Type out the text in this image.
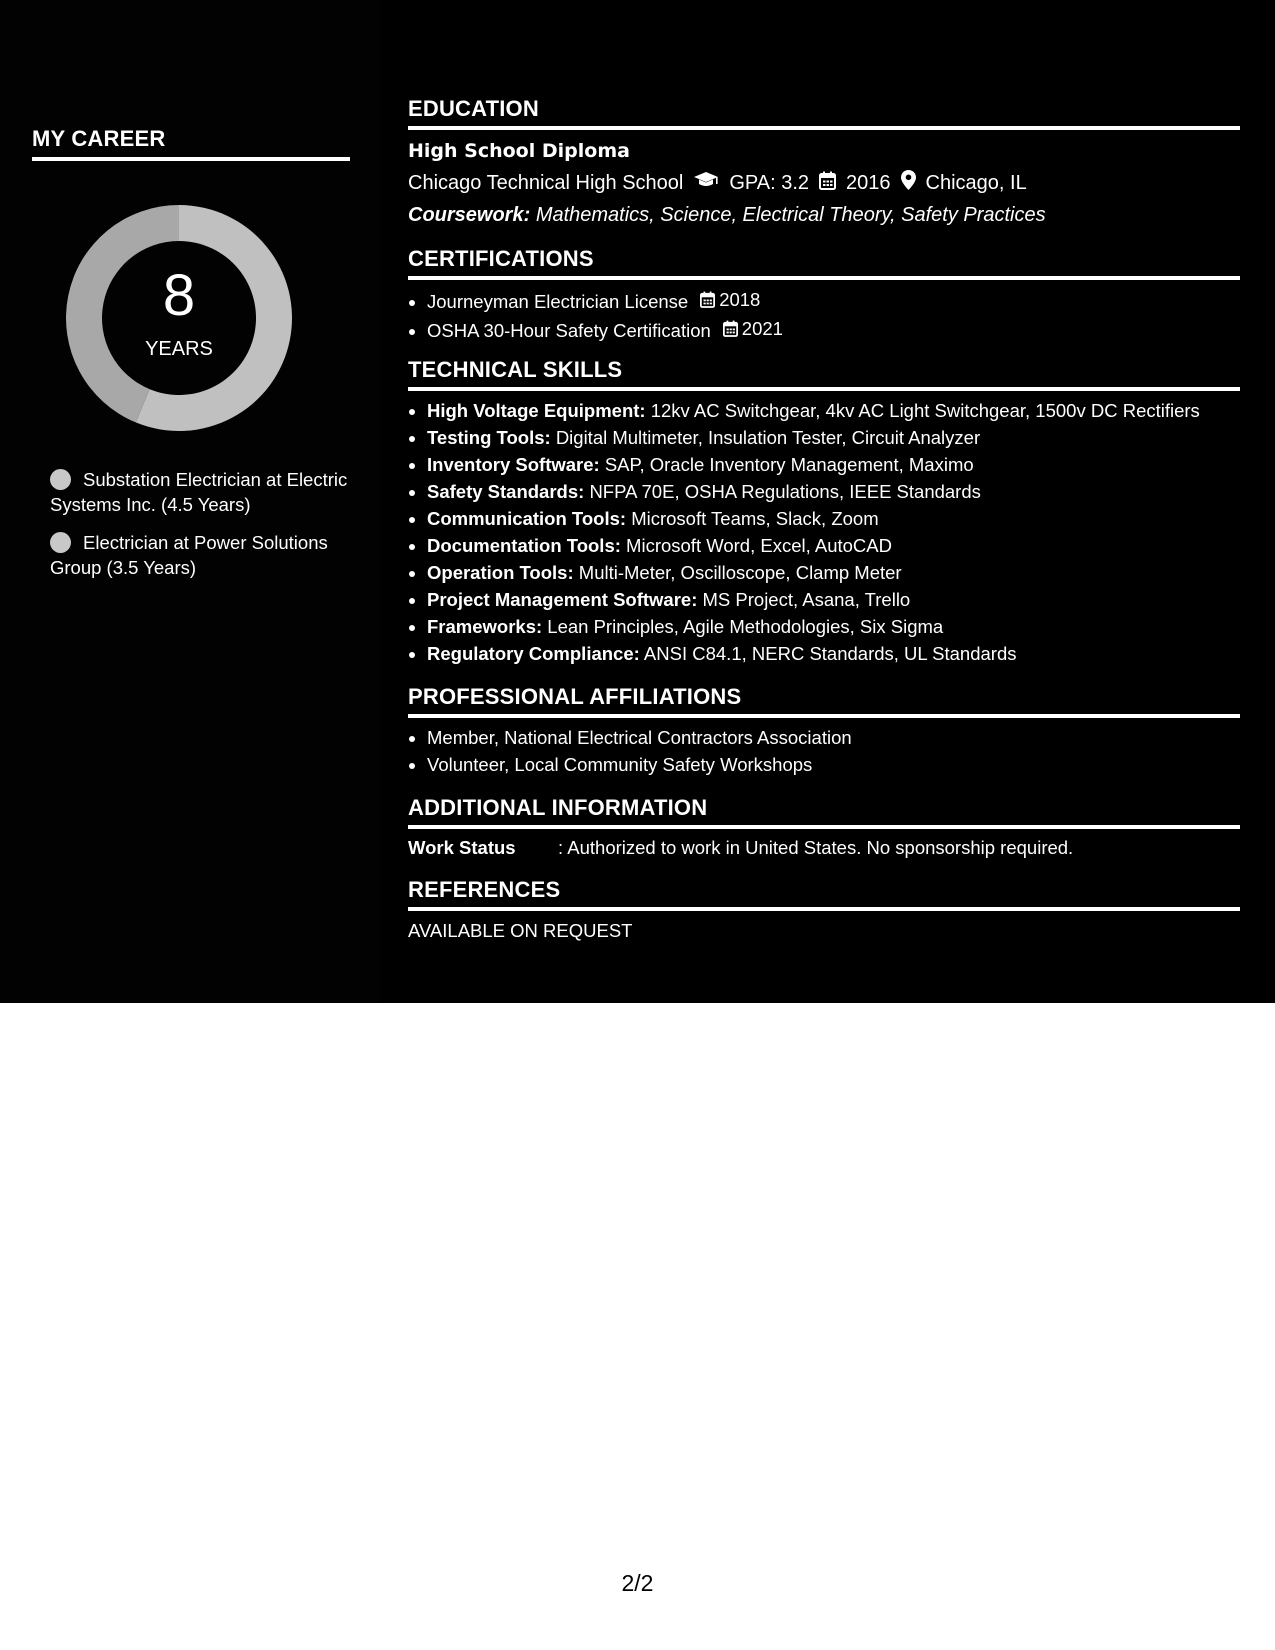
MY CAREER
8
YEARS
Substation Electrician at Electric Systems Inc. (4.5 Years)
Electrician at Power Solutions Group (3.5 Years)
EDUCATION
High School Diploma
Chicago Technical High School GPA: 3.2 2016 Chicago, IL
Coursework: Mathematics, Science, Electrical Theory, Safety Practices
CERTIFICATIONS
• Journeyman Electrician License 2018
• OSHA 30-Hour Safety Certification 2021
TECHNICAL SKILLS
• High Voltage Equipment: 12kv AC Switchgear, 4kv AC Light Switchgear, 1500v DC Rectifiers
• Testing Tools: Digital Multimeter, Insulation Tester, Circuit Analyzer
• Inventory Software: SAP, Oracle Inventory Management, Maximo
• Safety Standards: NFPA 70E, OSHA Regulations, IEEE Standards
• Communication Tools: Microsoft Teams, Slack, Zoom
• Documentation Tools: Microsoft Word, Excel, AutoCAD
• Operation Tools: Multi-Meter, Oscilloscope, Clamp Meter
• Project Management Software: MS Project, Asana, Trello
• Frameworks: Lean Principles, Agile Methodologies, Six Sigma
• Regulatory Compliance: ANSI C84.1, NERC Standards, UL Standards
PROFESSIONAL AFFILIATIONS
• Member, National Electrical Contractors Association
• Volunteer, Local Community Safety Workshops
ADDITIONAL INFORMATION
Work Status : Authorized to work in United States. No sponsorship required.
REFERENCES
AVAILABLE ON REQUEST
2/2
